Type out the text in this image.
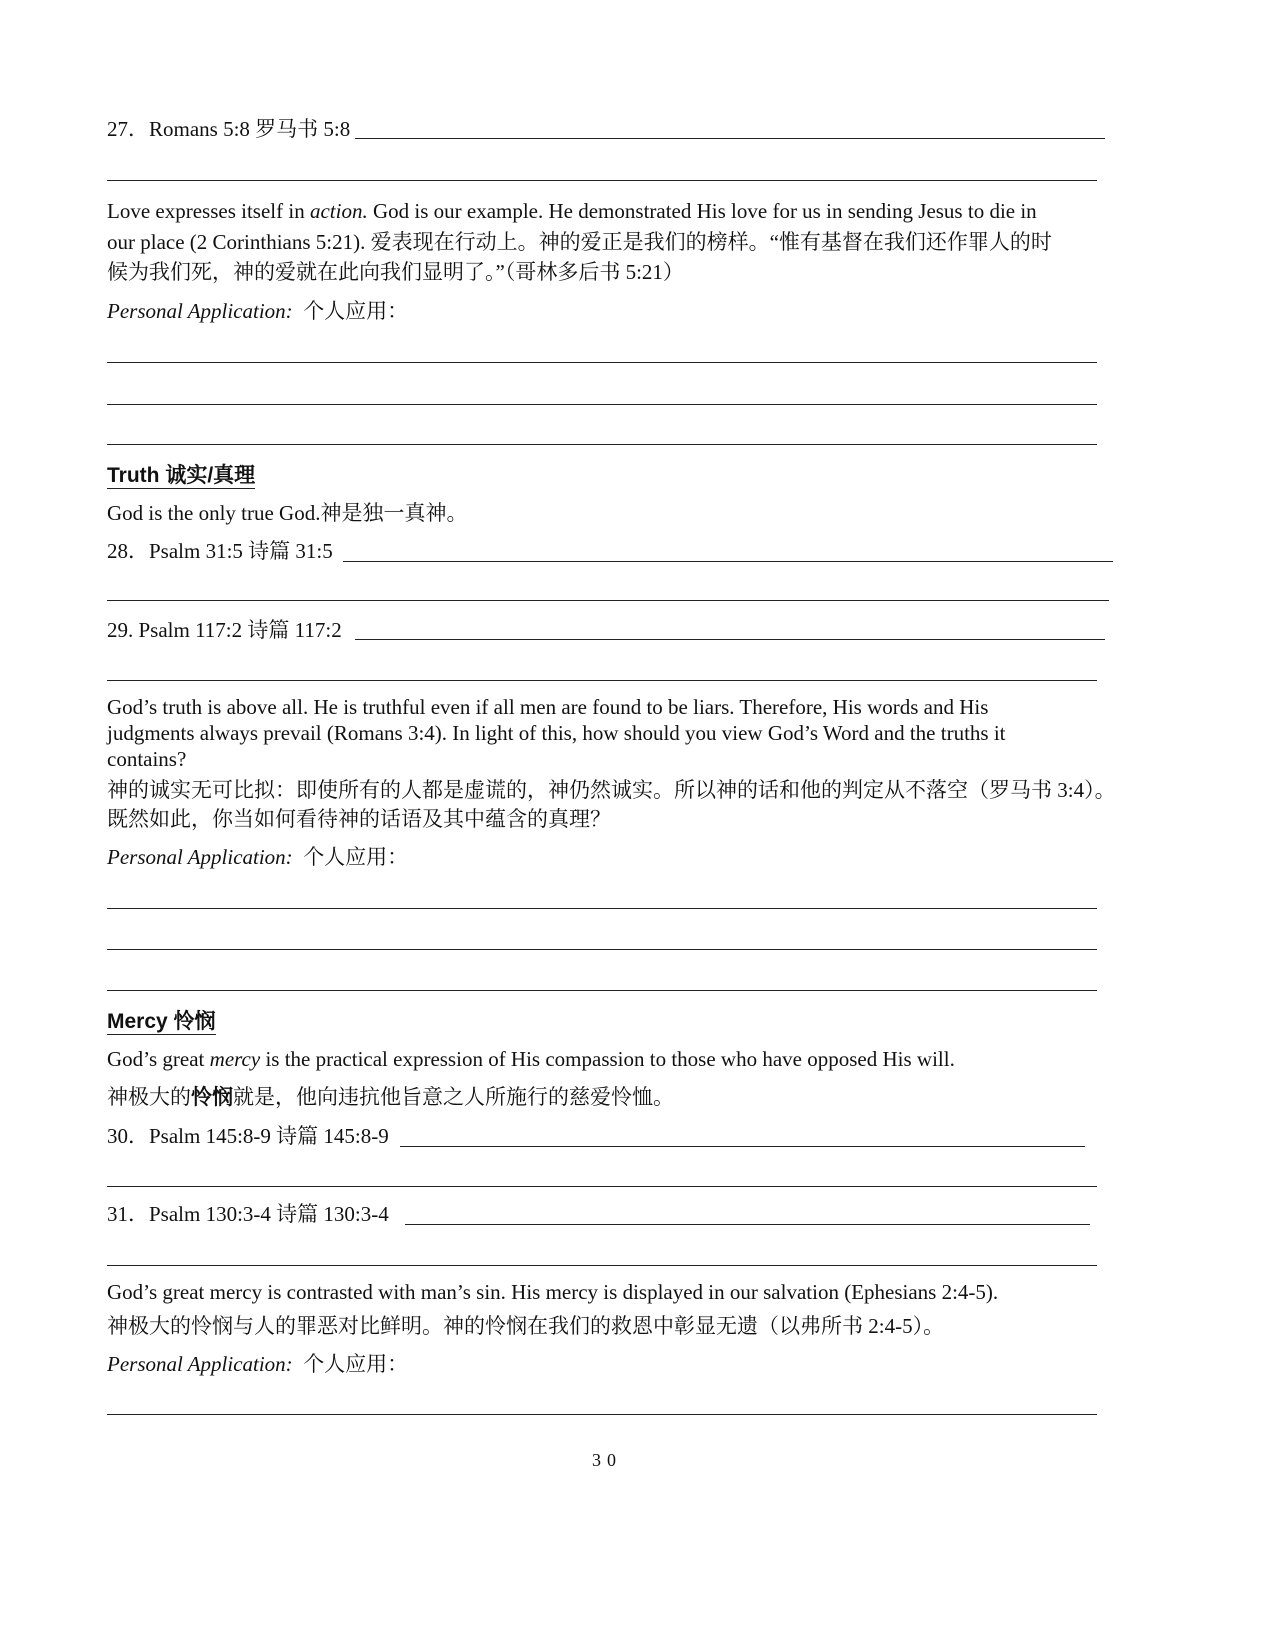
27．Romans 5:8 罗马书 5:8
Love expresses itself in action. God is our example. He demonstrated His love for us in sending Jesus to die in
our place (2 Corinthians 5:21). 爱表现在行动上。神的爱正是我们的榜样。“惟有基督在我们还作罪人的时
候为我们死，神的爱就在此向我们显明了。”（哥林多后书 5:21）
Personal Application: 个人应用：
Truth 诚实/真理
God is the only true God.神是独一真神。
28．Psalm 31:5 诗篇 31:5
29. Psalm 117:2 诗篇 117:2
God’s truth is above all. He is truthful even if all men are found to be liars. Therefore, His words and His
judgments always prevail (Romans 3:4). In light of this, how should you view God’s Word and the truths it
contains?
神的诚实无可比拟：即使所有的人都是虚谎的，神仍然诚实。所以神的话和他的判定从不落空（罗马书 3:4）。
既然如此，你当如何看待神的话语及其中蕴含的真理？
Personal Application: 个人应用：
Mercy 怜悯
God’s great mercy is the practical expression of His compassion to those who have opposed His will.
神极大的怜悯就是，他向违抗他旨意之人所施行的慈爱怜恤。
30．Psalm 145:8-9 诗篇 145:8-9
31．Psalm 130:3-4 诗篇 130:3-4
God’s great mercy is contrasted with man’s sin. His mercy is displayed in our salvation (Ephesians 2:4-5).
神极大的怜悯与人的罪恶对比鲜明。神的怜悯在我们的救恩中彰显无遗（以弗所书 2:4-5）。
Personal Application: 个人应用：
30
